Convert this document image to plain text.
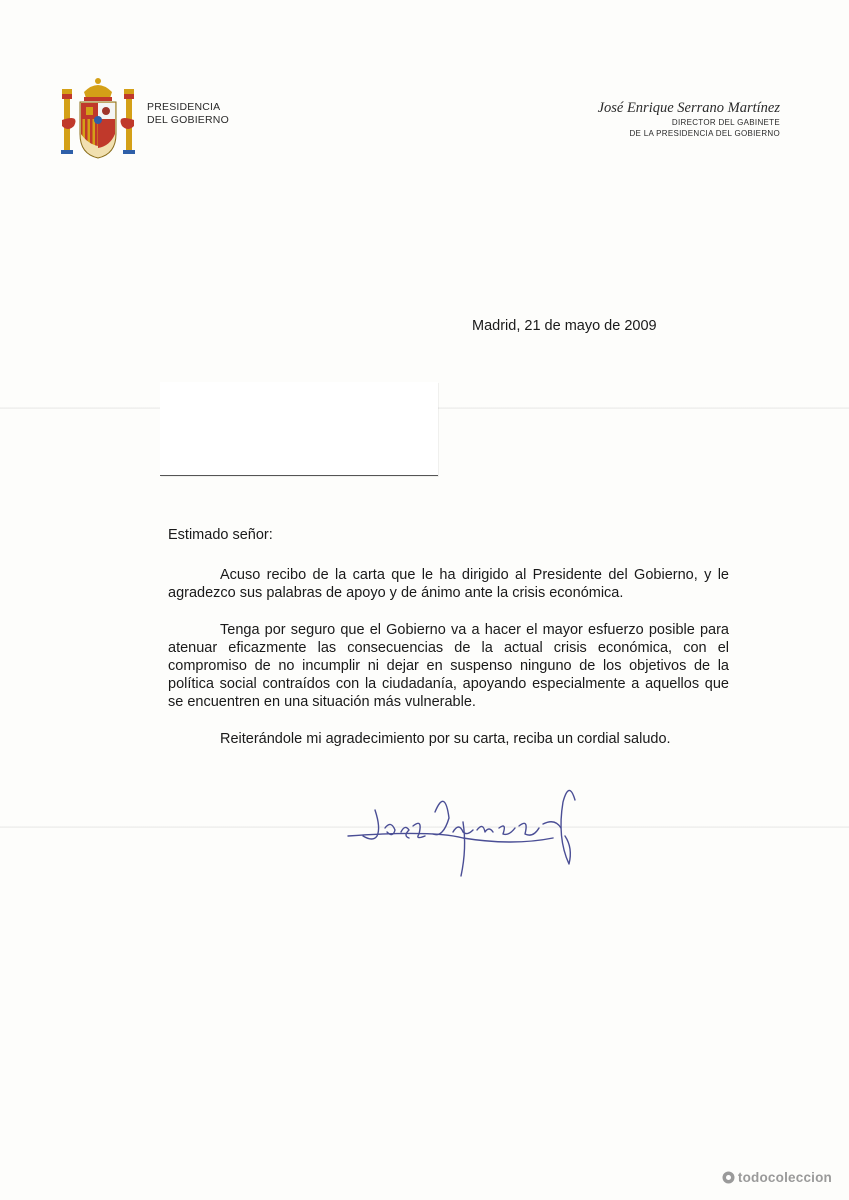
PRESIDENCIA
DEL GOBIERNO
José Enrique Serrano Martínez
DIRECTOR DEL GABINETE
DE LA PRESIDENCIA DEL GOBIERNO
Madrid, 21 de mayo de 2009
Estimado señor:

Acuso recibo de la carta que le ha dirigido al Presidente del Gobierno, y le agradezco sus palabras de apoyo y de ánimo ante la crisis económica.

Tenga por seguro que el Gobierno va a hacer el mayor esfuerzo posible para atenuar eficazmente las consecuencias de la actual crisis económica, con el compromiso de no incumplir ni dejar en suspenso ninguno de los objetivos de la política social contraídos con la ciudadanía, apoyando especialmente a aquellos que se encuentren en una situación más vulnerable.

Reiterándole mi agradecimiento por su carta, reciba un cordial saludo.

todocoleccion
